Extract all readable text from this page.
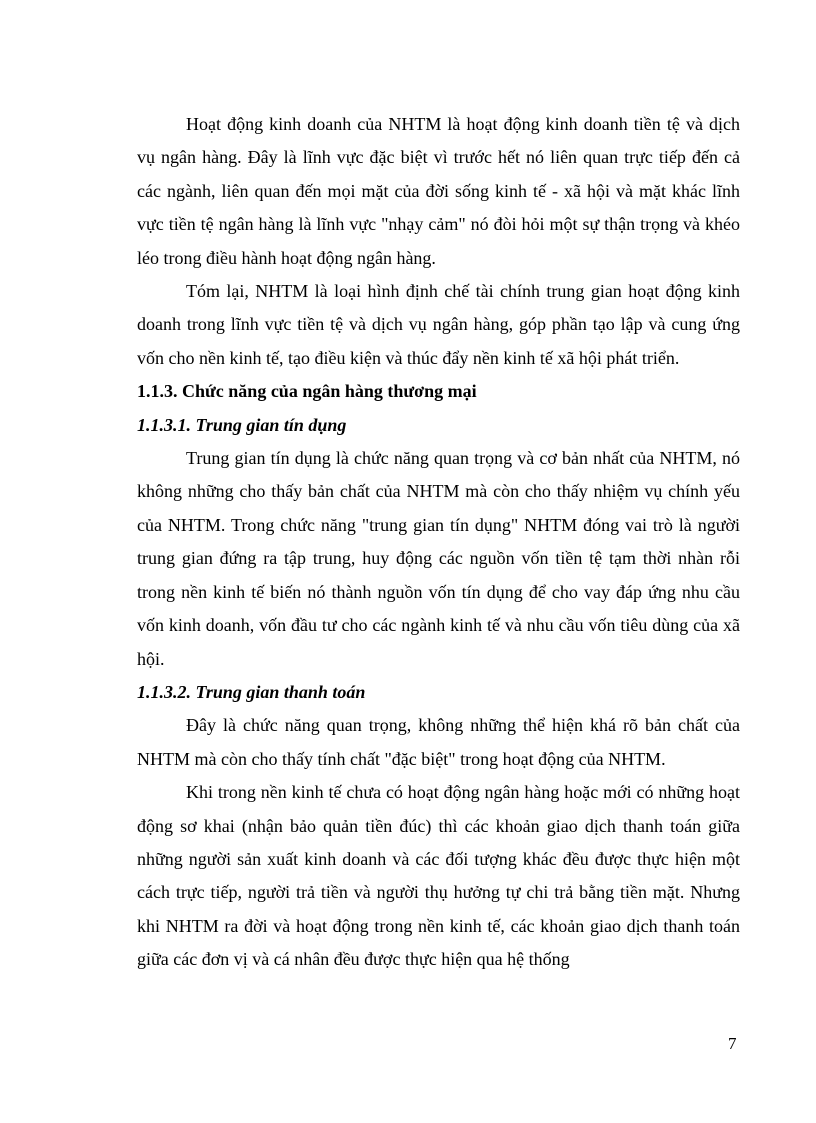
Hoạt động kinh doanh của NHTM là hoạt động kinh doanh tiền tệ và dịch vụ ngân hàng. Đây là lĩnh vực đặc biệt vì trước hết nó liên quan trực tiếp đến cả các ngành, liên quan đến mọi mặt của đời sống kinh tế - xã hội và mặt khác lĩnh vực tiền tệ ngân hàng là lĩnh vực "nhạy cảm" nó đòi hỏi một sự thận trọng và khéo léo trong điều hành hoạt động ngân hàng.

Tóm lại, NHTM là loại hình định chế tài chính trung gian hoạt động kinh doanh trong lĩnh vực tiền tệ và dịch vụ ngân hàng, góp phần tạo lập và cung ứng vốn cho nền kinh tế, tạo điều kiện và thúc đẩy nền kinh tế xã hội phát triển.

1.1.3. Chức năng của ngân hàng thương mại

1.1.3.1. Trung gian tín dụng

Trung gian tín dụng là chức năng quan trọng và cơ bản nhất của NHTM, nó không những cho thấy bản chất của NHTM mà còn cho thấy nhiệm vụ chính yếu của NHTM. Trong chức năng "trung gian tín dụng" NHTM đóng vai trò là người trung gian đứng ra tập trung, huy động các nguồn vốn tiền tệ tạm thời nhàn rỗi trong nền kinh tế biến nó thành nguồn vốn tín dụng để cho vay đáp ứng nhu cầu vốn kinh doanh, vốn đầu tư cho các ngành kinh tế và nhu cầu vốn tiêu dùng của xã hội.

1.1.3.2. Trung gian thanh toán

Đây là chức năng quan trọng, không những thể hiện khá rõ bản chất của NHTM mà còn cho thấy tính chất "đặc biệt" trong hoạt động của NHTM.

Khi trong nền kinh tế chưa có hoạt động ngân hàng hoặc mới có những hoạt động sơ khai (nhận bảo quản tiền đúc) thì các khoản giao dịch thanh toán giữa những người sản xuất kinh doanh và các đối tượng khác đều được thực hiện một cách trực tiếp, người trả tiền và người thụ hưởng tự chi trả bằng tiền mặt. Nhưng khi NHTM ra đời và hoạt động trong nền kinh tế, các khoản giao dịch thanh toán giữa các đơn vị và cá nhân đều được thực hiện qua hệ thống

7
